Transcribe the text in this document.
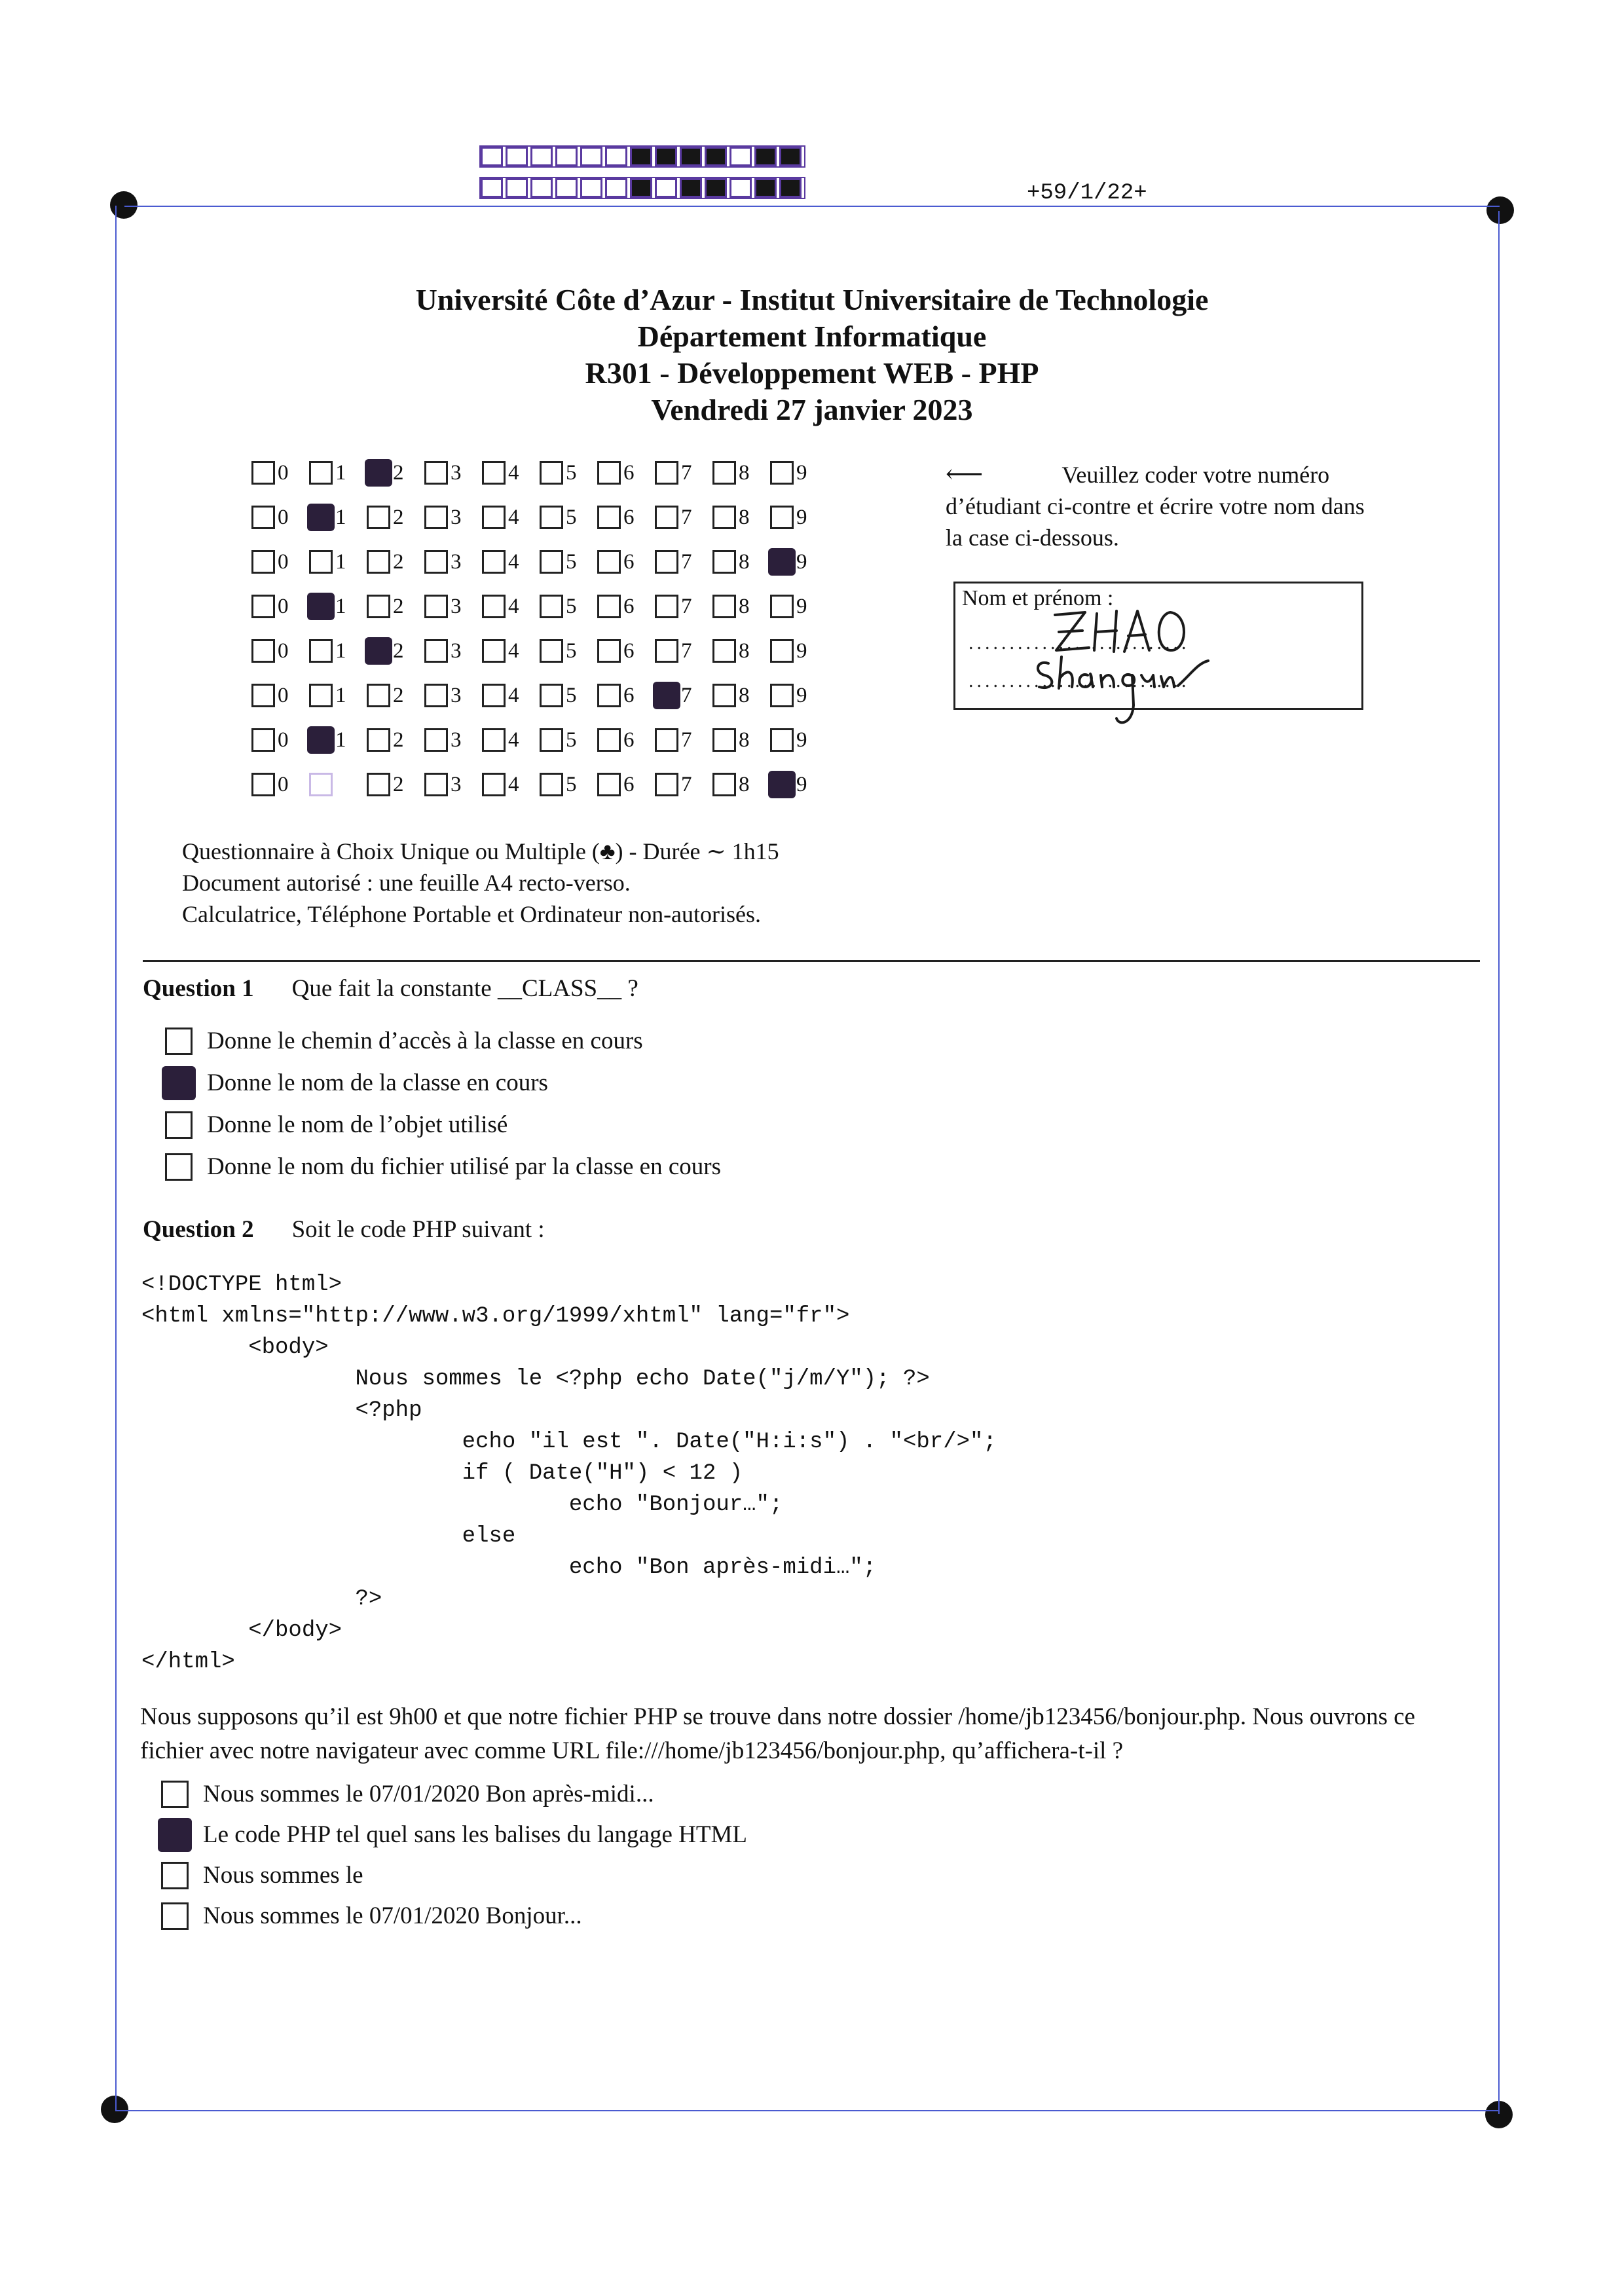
+59/1/22+
Université Côte d’Azur - Institut Universitaire de Technologie
Département Informatique
R301 - Développement WEB - PHP
Vendredi 27 janvier 2023
0 1 2 3 4 5 6 7 8 9
0 1 2 3 4 5 6 7 8 9
0 1 2 3 4 5 6 7 8 9
0 1 2 3 4 5 6 7 8 9
0 1 2 3 4 5 6 7 8 9
0 1 2 3 4 5 6 7 8 9
0 1 2 3 4 5 6 7 8 9
0	2 3 4 5 6 7 8 9
⟵	Veuillez coder votre numéro d’étudiant ci-contre et écrire votre nom dans la case ci-dessous.
Nom et prénom :
...........................
...........................
Questionnaire à Choix Unique ou Multiple (♣) - Durée ∼ 1h15
Document autorisé : une feuille A4 recto-verso.
Calculatrice, Téléphone Portable et Ordinateur non-autorisés.
Question 1 Que fait la constante __CLASS__ ?
Donne le chemin d’accès à la classe en cours
Donne le nom de la classe en cours
Donne le nom de l’objet utilisé
Donne le nom du fichier utilisé par la classe en cours
Question 2 Soit le code PHP suivant :
<!DOCTYPE html>
<html xmlns="http://www.w3.org/1999/xhtml" lang="fr">
<body>
Nous sommes le <?php echo Date("j/m/Y"); ?>
<?php
echo "il est ". Date("H:i:s") . "<br/>";
if ( Date("H") < 12 )
echo "Bonjour…";
else
echo "Bon après-midi…";
?>
</body>
</html>
Nous supposons qu’il est 9h00 et que notre fichier PHP se trouve dans notre dossier /home/jb123456/bonjour.php. Nous ouvrons ce fichier avec notre navigateur avec comme URL file:///home/jb123456/bonjour.php, qu’affichera-t-il ?
Nous sommes le 07/01/2020 Bon après-midi...
Le code PHP tel quel sans les balises du langage HTML
Nous sommes le
Nous sommes le 07/01/2020 Bonjour...
